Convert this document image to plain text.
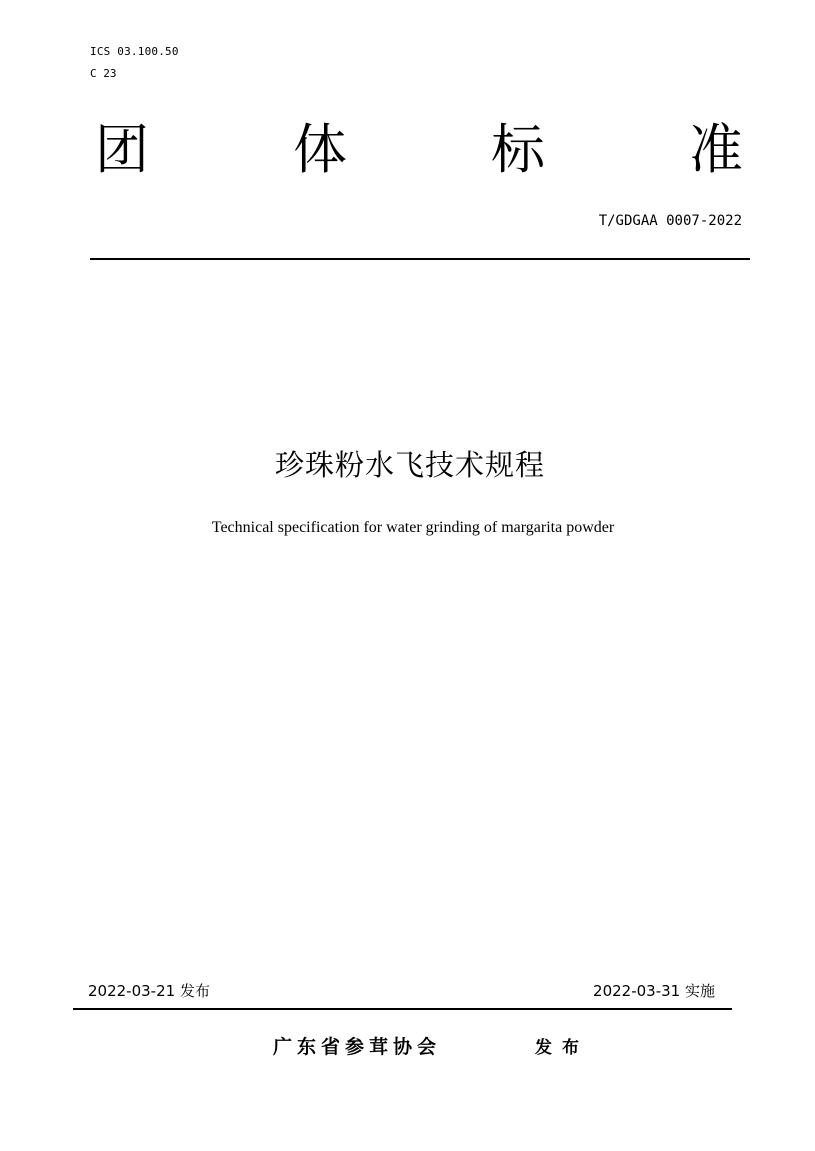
ICS 03.100.50
C 23
团	体	标	准
T/GDGAA 0007-2022
珍珠粉水飞技术规程
Technical specification for water grinding of margarita powder
2022-03-21 发布	2022-03-31 实施
广东省参茸协会	发布
